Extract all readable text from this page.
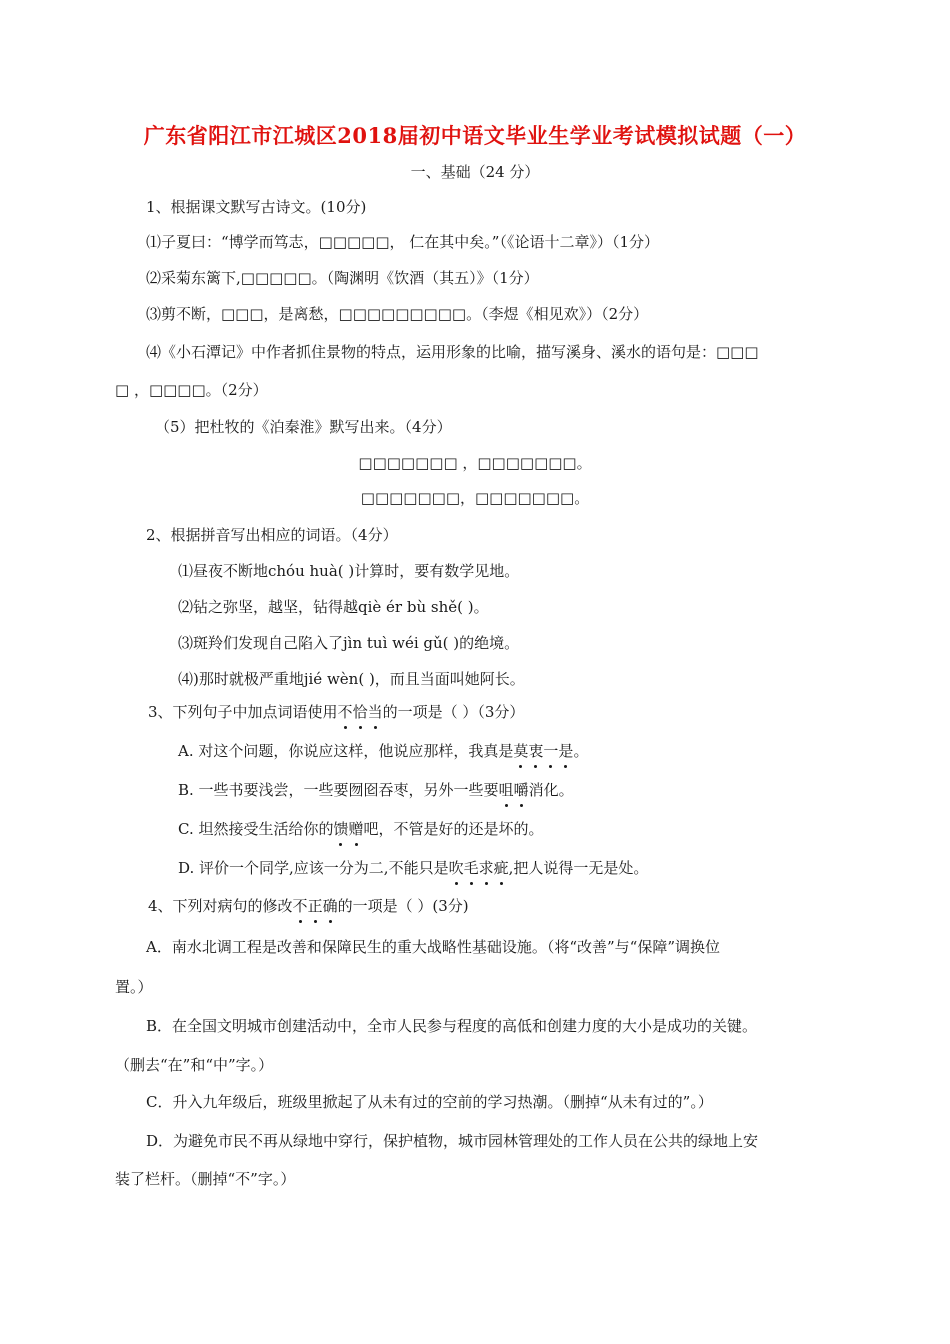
广东省阳江市江城区2018届初中语文毕业生学业考试模拟试题（一）
一、基础（24 分）
1、根据课文默写古诗文。(10分)
⑴子夏曰：“博学而笃志，□□□□□， 仁在其中矣。”（《论语十二章》）（1分）
⑵采菊东篱下,□□□□□。（陶渊明《饮酒（其五）》（1分）
⑶剪不断，□□□，是离愁，□□□□□□□□□。（李煜《相见欢》）（2分）
⑷《小石潭记》中作者抓住景物的特点，运用形象的比喻，描写溪身、溪水的语句是：□□□
□ ，□□□□。（2分）
（5）把杜牧的《泊秦淮》默写出来。（4分）
□□□□□□□ ，□□□□□□□。
□□□□□□□，□□□□□□□。
2、根据拼音写出相应的词语。（4分）
⑴昼夜不断地chóu huà( )计算时，要有数学见地。
⑵钻之弥坚，越坚，钻得越qiè ér bù shě( )。
⑶斑羚们发现自己陷入了jìn tuì wéi gǔ( )的绝境。
⑷)那时就极严重地jié wèn( )，而且当面叫她阿长。
3、下列句子中加点词语使用不恰当的一项是（ ）（3分）
A. 对这个问题，你说应这样，他说应那样，我真是莫衷一是。
B. 一些书要浅尝，一些要囫囵吞枣，另外一些要咀嚼消化。
C. 坦然接受生活给你的馈赠吧，不管是好的还是坏的。
D. 评价一个同学,应该一分为二,不能只是吹毛求疵,把人说得一无是处。
4、下列对病句的修改不正确的一项是（ ）(3分)
A．南水北调工程是改善和保障民生的重大战略性基础设施。（将“改善”与“保障”调换位
置。）
B．在全国文明城市创建活动中，全市人民参与程度的高低和创建力度的大小是成功的关键。
（删去“在”和“中”字。）
C．升入九年级后，班级里掀起了从未有过的空前的学习热潮。（删掉“从未有过的”。）
D．为避免市民不再从绿地中穿行，保护植物，城市园林管理处的工作人员在公共的绿地上安
装了栏杆。（删掉“不”字。）
